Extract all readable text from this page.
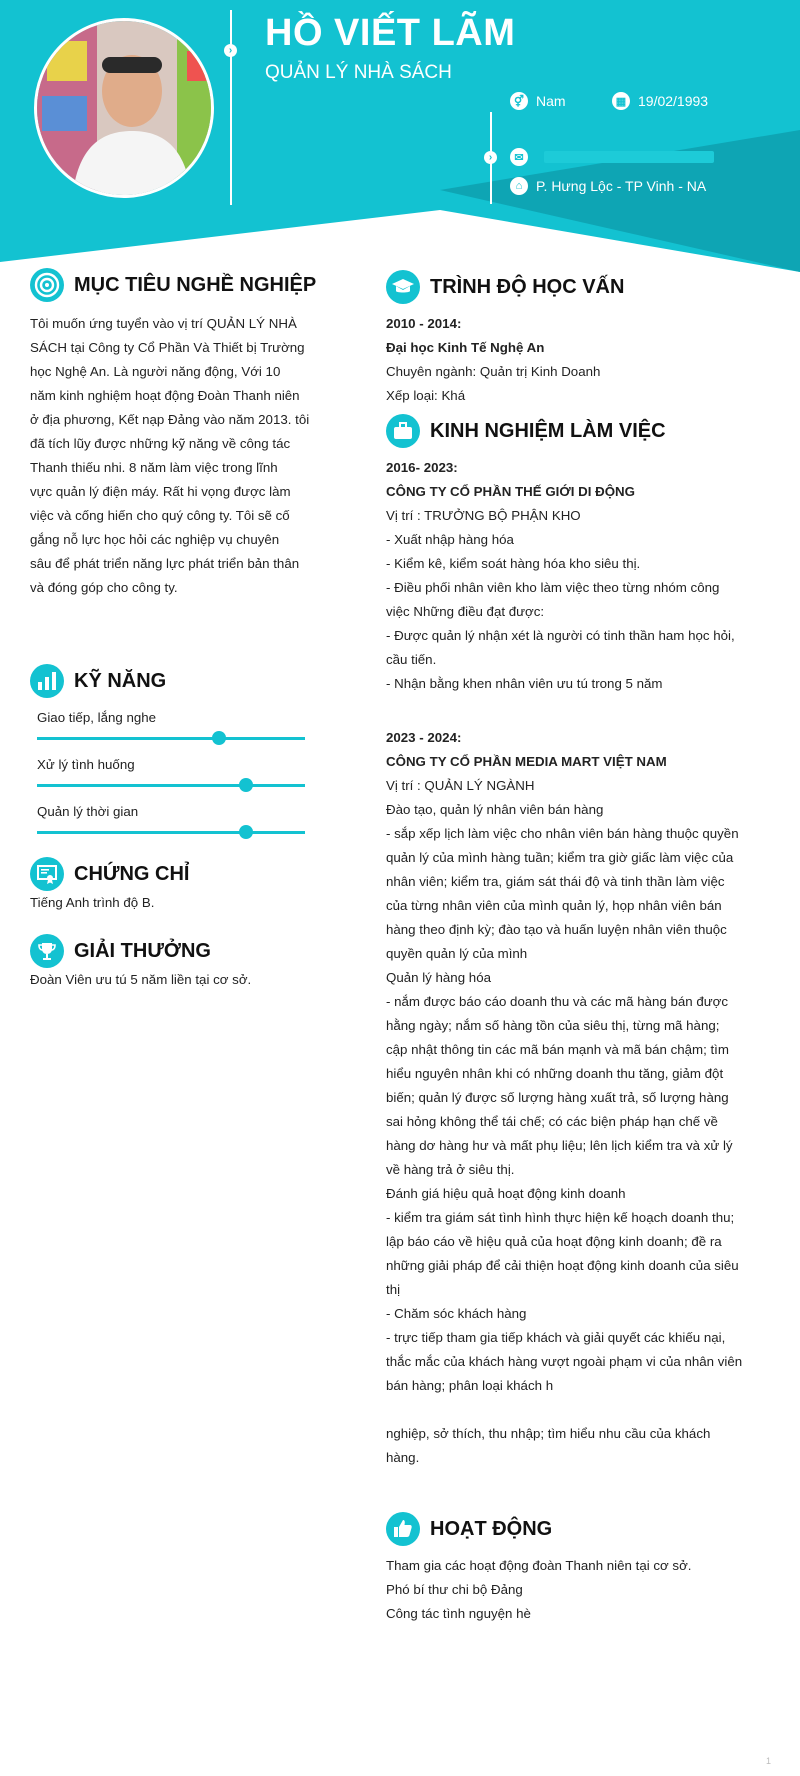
›
›
HỒ VIẾT LÃM
QUẢN LÝ NHÀ SÁCH
⚥ Nam	▦ 19/02/1993
✉
⌂ P. Hưng Lộc - TP Vinh - NA
MỤC TIÊU NGHỀ NGHIỆP
Tôi muốn ứng tuyển vào vị trí QUẢN LÝ NHÀ
SÁCH tại Công ty Cổ Phần Và Thiết bị Trường
học Nghệ An. Là người năng động, Với 10
năm kinh nghiệm hoạt động Đoàn Thanh niên
ở địa phương, Kết nạp Đảng vào năm 2013. tôi
đã tích lũy được những kỹ năng về công tác
Thanh thiếu nhi. 8 năm làm việc trong lĩnh
vực quản lý điện máy. Rất hi vọng được làm
việc và cống hiến cho quý công ty. Tôi sẽ cố
gắng nỗ lực học hỏi các nghiệp vụ chuyên
sâu để phát triển năng lực phát triển bản thân
và đóng góp cho công ty.
KỸ NĂNG
Giao tiếp, lắng nghe
Xử lý tình huống
Quản lý thời gian
CHỨNG CHỈ
Tiếng Anh trình độ B.
GIẢI THƯỞNG
Đoàn Viên ưu tú 5 năm liền tại cơ sở.
TRÌNH ĐỘ HỌC VẤN
2010 - 2014:
Đại học Kinh Tế Nghệ An
Chuyên ngành: Quản trị Kinh Doanh
Xếp loại: Khá
KINH NGHIỆM LÀM VIỆC
2016- 2023:
CÔNG TY CỔ PHẦN THẾ GIỚI DI ĐỘNG
Vị trí : TRƯỞNG BỘ PHẬN KHO
- Xuất nhập hàng hóa
- Kiểm kê, kiểm soát hàng hóa kho siêu thị.
- Điều phối nhân viên kho làm việc theo từng nhóm công
việc Những điều đạt được:
- Được quản lý nhận xét là người có tinh thần ham học hỏi,
cầu tiến.
- Nhận bằng khen nhân viên ưu tú trong 5 năm
2023 - 2024:
CÔNG TY CỔ PHẦN MEDIA MART VIỆT NAM
Vị trí : QUẢN LÝ NGÀNH
Đào tạo, quản lý nhân viên bán hàng
- sắp xếp lịch làm việc cho nhân viên bán hàng thuộc quyền
quản lý của mình hàng tuần; kiểm tra giờ giấc làm việc của
nhân viên; kiểm tra, giám sát thái độ và tinh thần làm việc
của từng nhân viên của mình quản lý, họp nhân viên bán
hàng theo định kỳ; đào tạo và huấn luyện nhân viên thuộc
quyền quản lý của mình
Quản lý hàng hóa
- nắm được báo cáo doanh thu và các mã hàng bán được
hằng ngày; nắm số hàng tồn của siêu thị, từng mã hàng;
cập nhật thông tin các mã bán mạnh và mã bán chậm; tìm
hiểu nguyên nhân khi có những doanh thu tăng, giảm đột
biến; quản lý được số lượng hàng xuất trả, số lượng hàng
sai hỏng không thể tái chế; có các biện pháp hạn chế về
hàng dơ hàng hư và mất phụ liệu; lên lịch kiểm tra và xử lý
về hàng trả ở siêu thị.
Đánh giá hiệu quả hoạt động kinh doanh
- kiểm tra giám sát tình hình thực hiện kế hoạch doanh thu;
lập báo cáo về hiệu quả của hoạt động kinh doanh; đề ra
những giải pháp để cải thiện hoạt động kinh doanh của siêu
thị
- Chăm sóc khách hàng
- trực tiếp tham gia tiếp khách và giải quyết các khiếu nại,
thắc mắc của khách hàng vượt ngoài phạm vi của nhân viên
bán hàng; phân loại khách h
nghiệp, sở thích, thu nhập; tìm hiểu nhu cầu của khách
hàng.
HOẠT ĐỘNG
Tham gia các hoạt động đoàn Thanh niên tại cơ sở.
Phó bí thư chi bộ Đảng
Công tác tình nguyện hè
1
